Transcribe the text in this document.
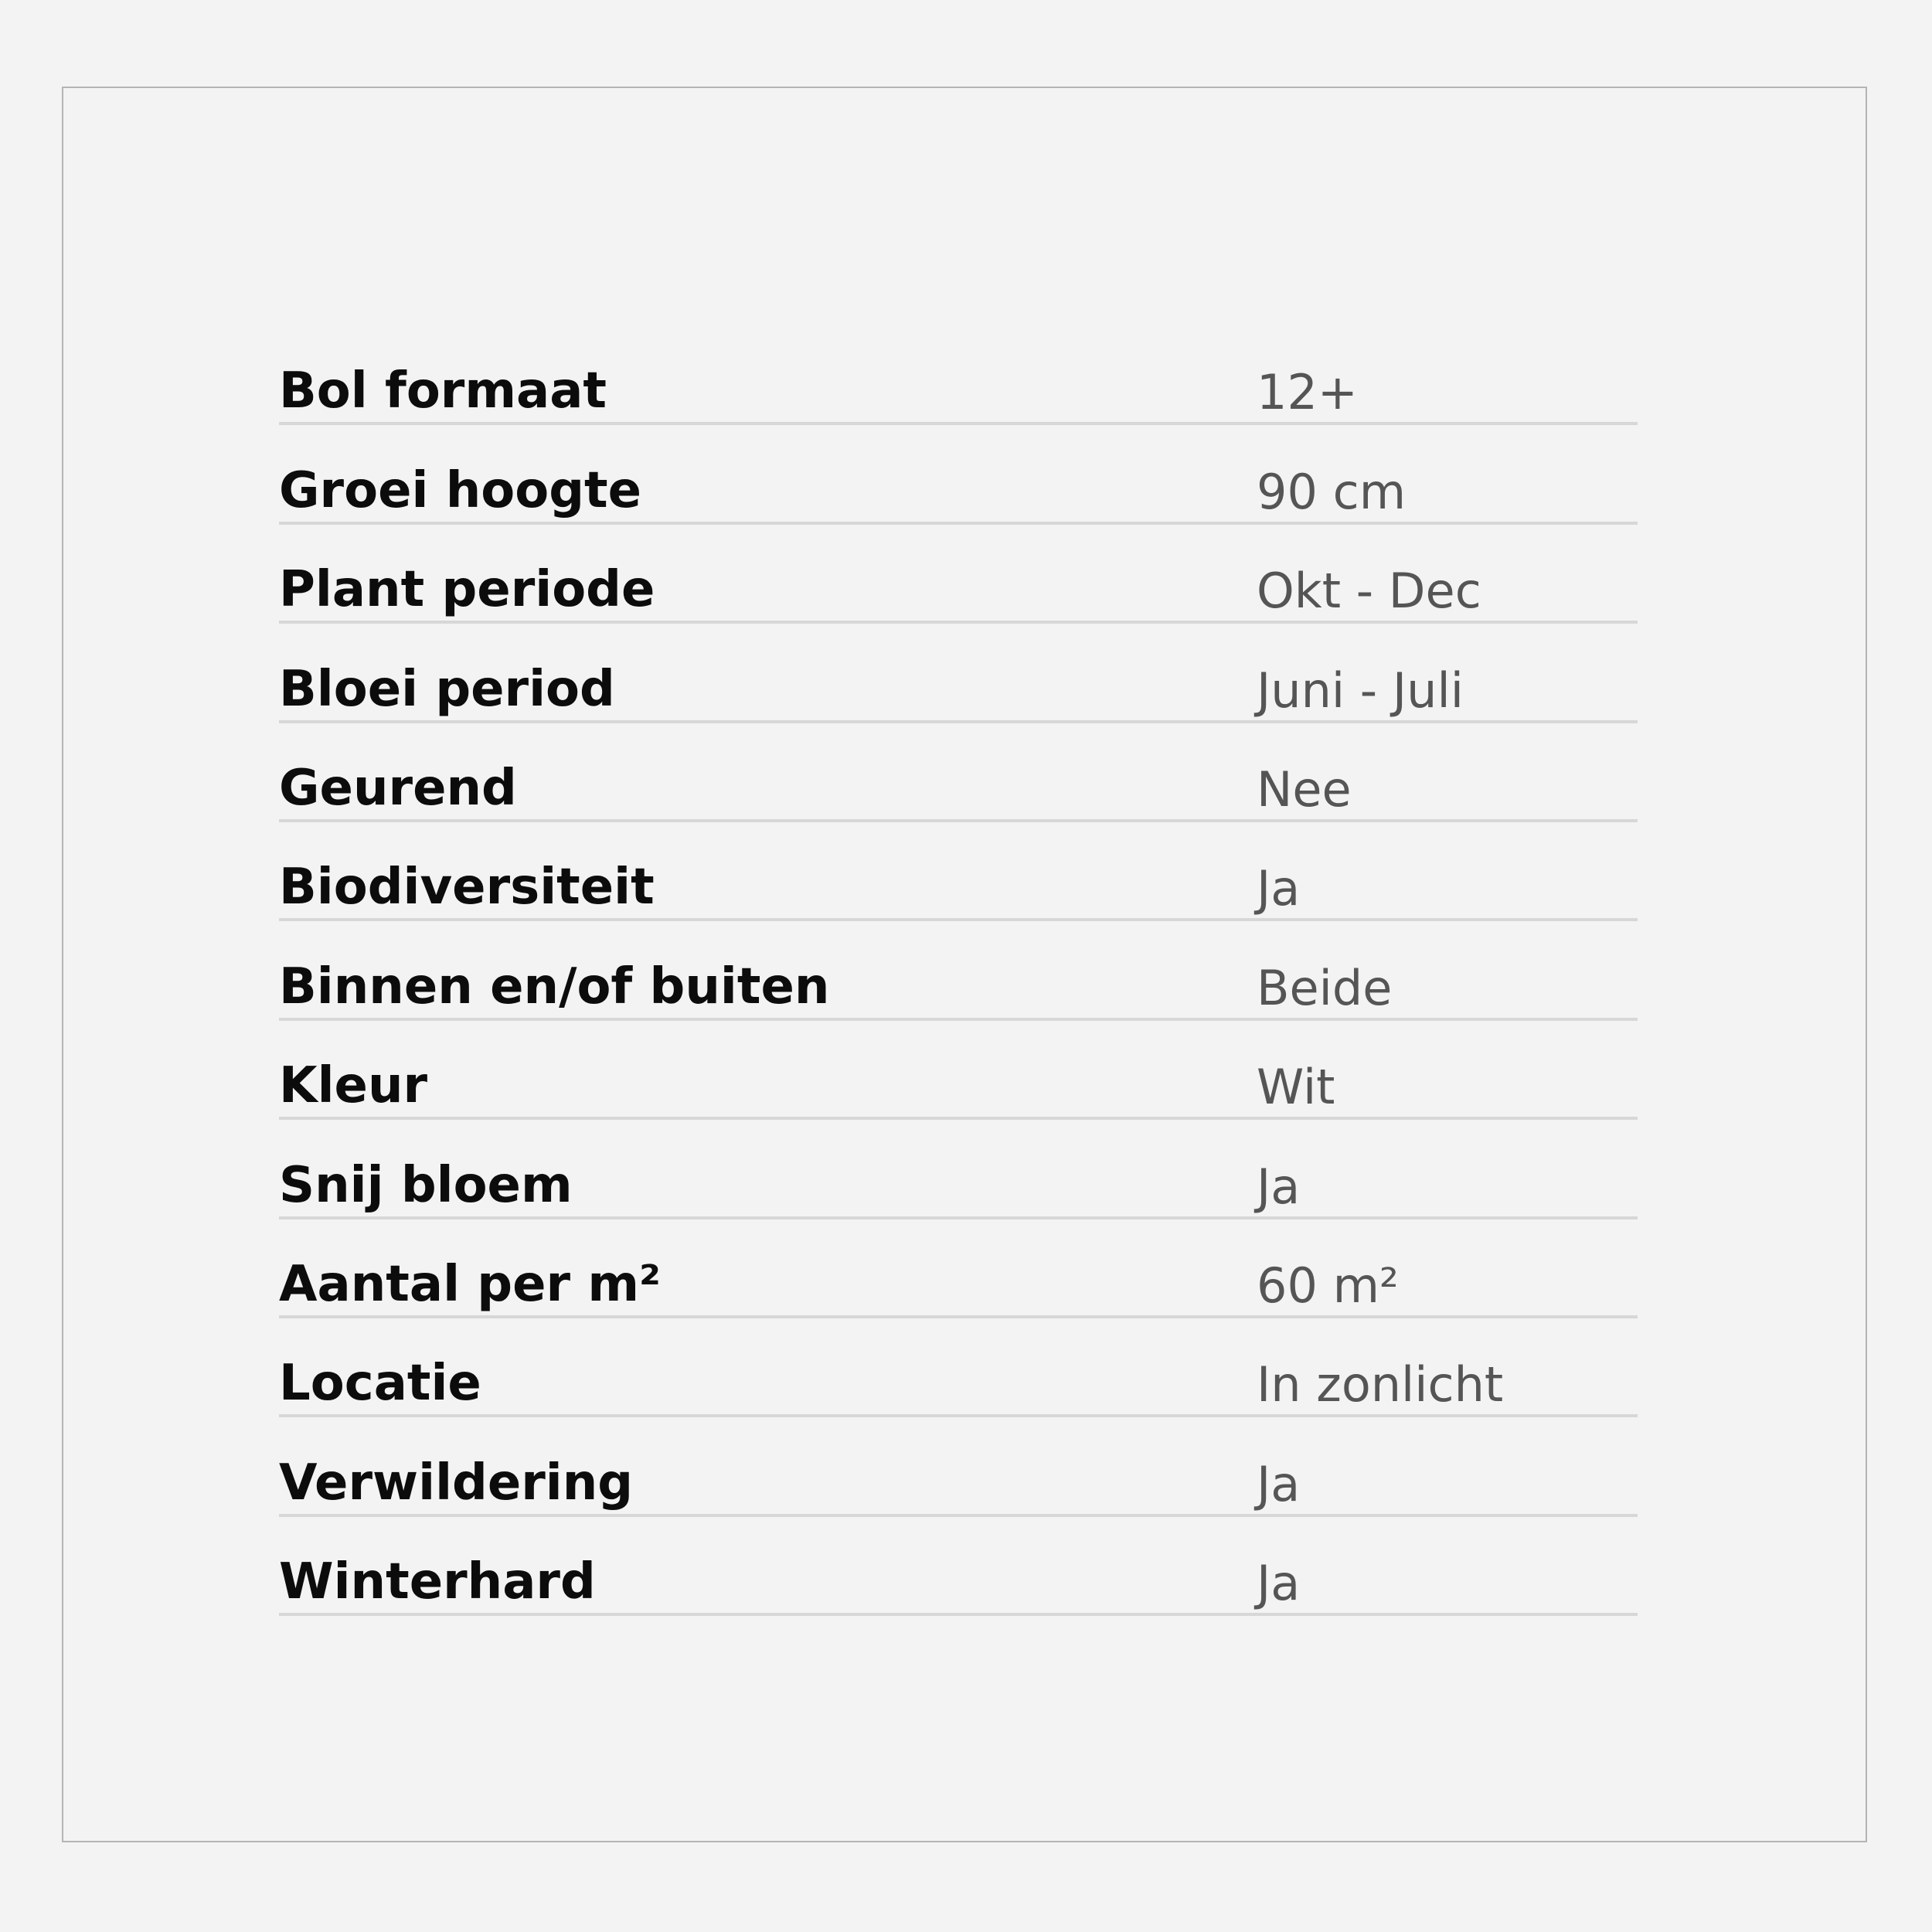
Bol formaat	12+
Groei hoogte	90 cm
Plant periode	Okt - Dec
Bloei period	Juni - Juli
Geurend	Nee
Biodiversiteit	Ja
Binnen en/of buiten	Beide
Kleur	Wit
Snij bloem	Ja
Aantal per m²	60 m²
Locatie	In zonlicht
Verwildering	Ja
Winterhard	Ja
